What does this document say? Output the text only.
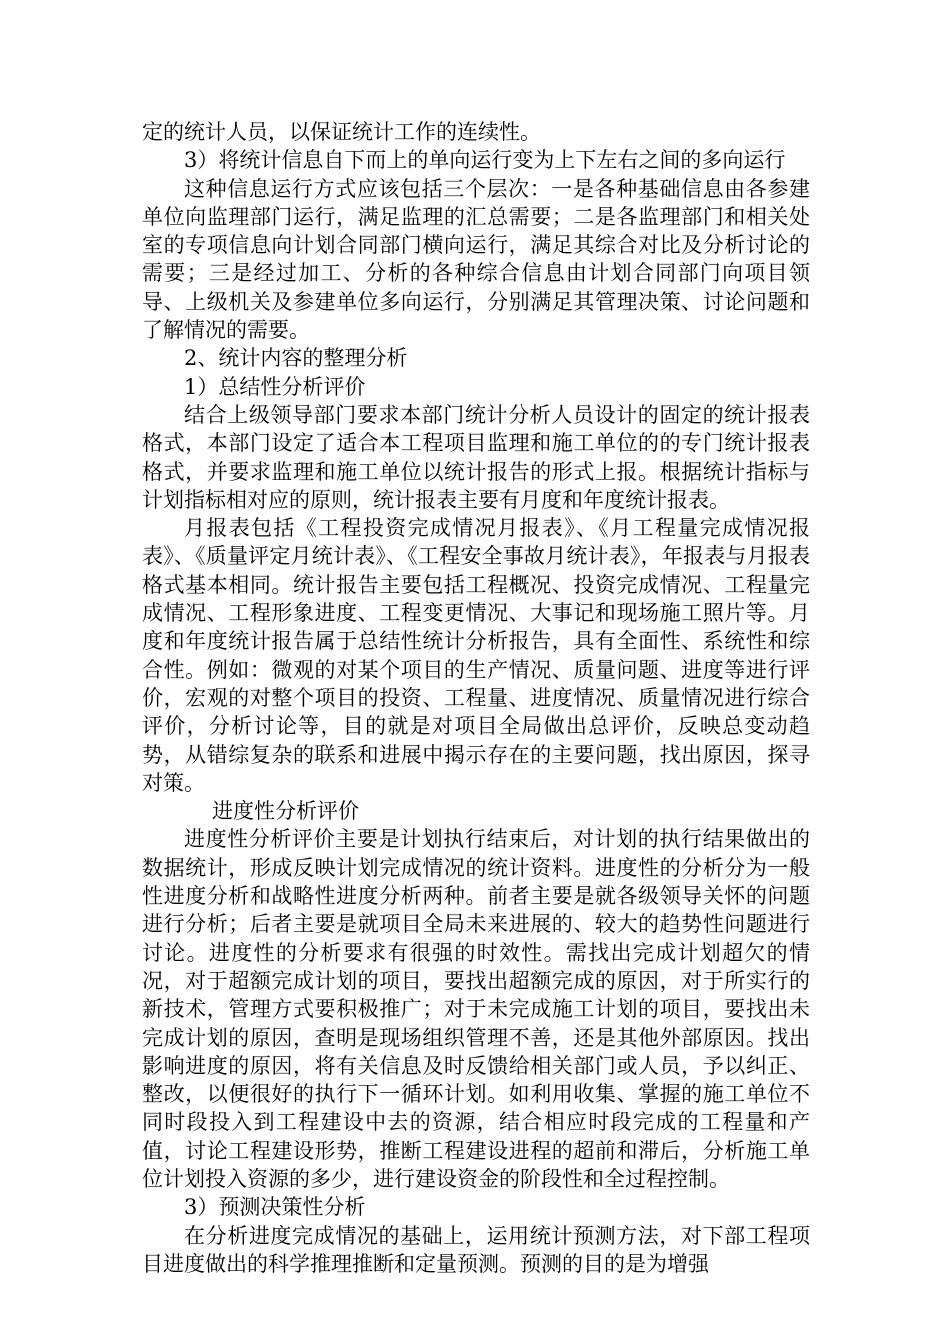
定的统计人员，以保证统计工作的连续性。

3）将统计信息自下而上的单向运行变为上下左右之间的多向运行

这种信息运行方式应该包括三个层次：一是各种基础信息由各参建单位向监理部门运行，满足监理的汇总需要；二是各监理部门和相关处室的专项信息向计划合同部门横向运行，满足其综合对比及分析讨论的需要；三是经过加工、分析的各种综合信息由计划合同部门向项目领导、上级机关及参建单位多向运行，分别满足其管理决策、讨论问题和了解情况的需要。

2、统计内容的整理分析

1）总结性分析评价

结合上级领导部门要求本部门统计分析人员设计的固定的统计报表格式，本部门设定了适合本工程项目监理和施工单位的的专门统计报表格式，并要求监理和施工单位以统计报告的形式上报。根据统计指标与计划指标相对应的原则，统计报表主要有月度和年度统计报表。

月报表包括《工程投资完成情况月报表》、《月工程量完成情况报表》、《质量评定月统计表》、《工程安全事故月统计表》，年报表与月报表格式基本相同。统计报告主要包括工程概况、投资完成情况、工程量完成情况、工程形象进度、工程变更情况、大事记和现场施工照片等。月度和年度统计报告属于总结性统计分析报告，具有全面性、系统性和综合性。例如：微观的对某个项目的生产情况、质量问题、进度等进行评价，宏观的对整个项目的投资、工程量、进度情况、质量情况进行综合评价，分析讨论等，目的就是对项目全局做出总评价，反映总变动趋势，从错综复杂的联系和进展中揭示存在的主要问题，找出原因，探寻对策。

进度性分析评价

进度性分析评价主要是计划执行结束后，对计划的执行结果做出的数据统计，形成反映计划完成情况的统计资料。进度性的分析分为一般性进度分析和战略性进度分析两种。前者主要是就各级领导关怀的问题进行分析；后者主要是就项目全局未来进展的、较大的趋势性问题进行讨论。进度性的分析要求有很强的时效性。需找出完成计划超欠的情况，对于超额完成计划的项目，要找出超额完成的原因，对于所实行的新技术，管理方式要积极推广；对于未完成施工计划的项目，要找出未完成计划的原因，查明是现场组织管理不善，还是其他外部原因。找出影响进度的原因，将有关信息及时反馈给相关部门或人员，予以纠正、整改，以便很好的执行下一循环计划。如利用收集、掌握的施工单位不同时段投入到工程建设中去的资源，结合相应时段完成的工程量和产值，讨论工程建设形势，推断工程建设进程的超前和滞后，分析施工单位计划投入资源的多少，进行建设资金的阶段性和全过程控制。

3）预测决策性分析

在分析进度完成情况的基础上，运用统计预测方法，对下部工程项目进度做出的科学推理推断和定量预测。预测的目的是为增强
